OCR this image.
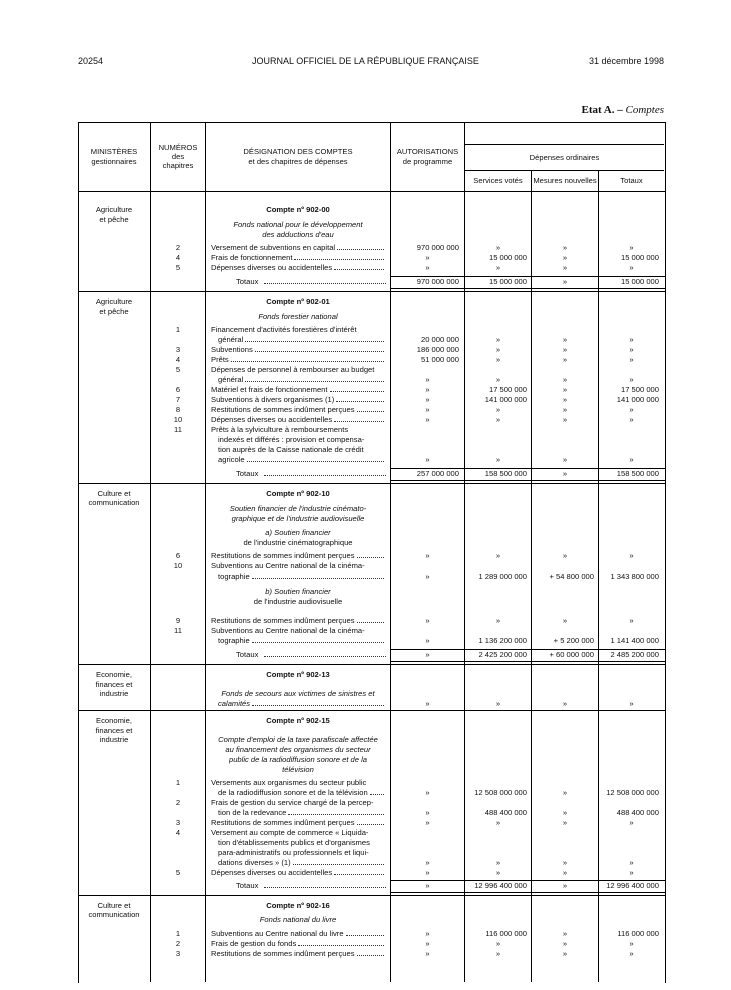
20254	JOURNAL OFFICIEL DE LA RÉPUBLIQUE FRANÇAISE	31 décembre 1998
Etat A. – Comptes
MINISTÈRES
gestionnaires
NUMÉROS
des
chapitres
DÉSIGNATION DES COMPTES
et des chapitres de dépenses
AUTORISATIONS
de programme	Dépenses ordinaires
Services votés	Mesures nouvelles	Totaux
Agriculture	Compte nº 902-00
et pêche
Fonds national pour le développement
des adductions d'eau
2	Versement de subventions en capital	970 000 000	»	»	»
4	Frais de fonctionnement	»	15 000 000	»	15 000 000
5	Dépenses diverses ou accidentelles	»	»	»	»
Totaux	970 000 000	15 000 000	»	15 000 000
Agriculture	Compte nº 902-01
et pêche
Fonds forestier national
1	Financement d'activités forestières d'intérêt
général	20 000 000	»	»	»
3	Subventions	186 000 000	»	»	»
4	Prêts	51 000 000	»	»	»
5	Dépenses de personnel à rembourser au budget
général	»	»	»	»
6	Matériel et frais de fonctionnement	»	17 500 000	»	17 500 000
7	Subventions à divers organismes (1)	»	141 000 000	»	141 000 000
8	Restitutions de sommes indûment perçues	»	»	»	»
10	Dépenses diverses ou accidentelles	»	»	»	»
11	Prêts à la sylviculture à remboursements
indexés et différés : provision et compensa-
tion auprès de la Caisse nationale de crédit
agricole	»	»	»	»
Totaux	257 000 000	158 500 000	»	158 500 000
Culture et	Compte nº 902-10
communication
Soutien financier de l'industrie cinémato-
graphique et de l'industrie audiovisuelle
a) Soutien financier
de l'industrie cinématographique
6	Restitutions de sommes indûment perçues	»	»	»	»
10	Subventions au Centre national de la cinéma-
tographie	»	1 289 000 000	+ 54 800 000	1 343 800 000
b) Soutien financier
de l'industrie audiovisuelle
9	Restitutions de sommes indûment perçues	»	»	»	»
11	Subventions au Centre national de la cinéma-
tographie	»	1 136 200 000	+ 5 200 000	1 141 400 000
Totaux	»	2 425 200 000	+ 60 000 000	2 485 200 000
Economie,	Compte nº 902-13
finances et
industrie	Fonds de secours aux victimes de sinistres et
calamités	»	»	»	»
Economie,	Compte nº 902-15
finances et
industrie	Compte d'emploi de la taxe parafiscale affectée
au financement des organismes du secteur
public de la radiodiffusion sonore et de la
télévision
1	Versements aux organismes du secteur public
de la radiodiffusion sonore et de la télévision	»	12 508 000 000	»	12 508 000 000
2	Frais de gestion du service chargé de la percep-
tion de la redevance	»	488 400 000	»	488 400 000
3	Restitutions de sommes indûment perçues	»	»	»	»
4	Versement au compte de commerce « Liquida-
tion d'établissements publics et d'organismes
para-administratifs ou professionnels et liqui-
dations diverses » (1)	»	»	»	»
5	Dépenses diverses ou accidentelles	»	»	»	»
Totaux	»	12 996 400 000	»	12 996 400 000
Culture et	Compte nº 902-16
communication
Fonds national du livre
1	Subventions au Centre national du livre	»	116 000 000	»	116 000 000
2	Frais de gestion du fonds	»	»	»	»
3	Restitutions de sommes indûment perçues	»	»	»	»
